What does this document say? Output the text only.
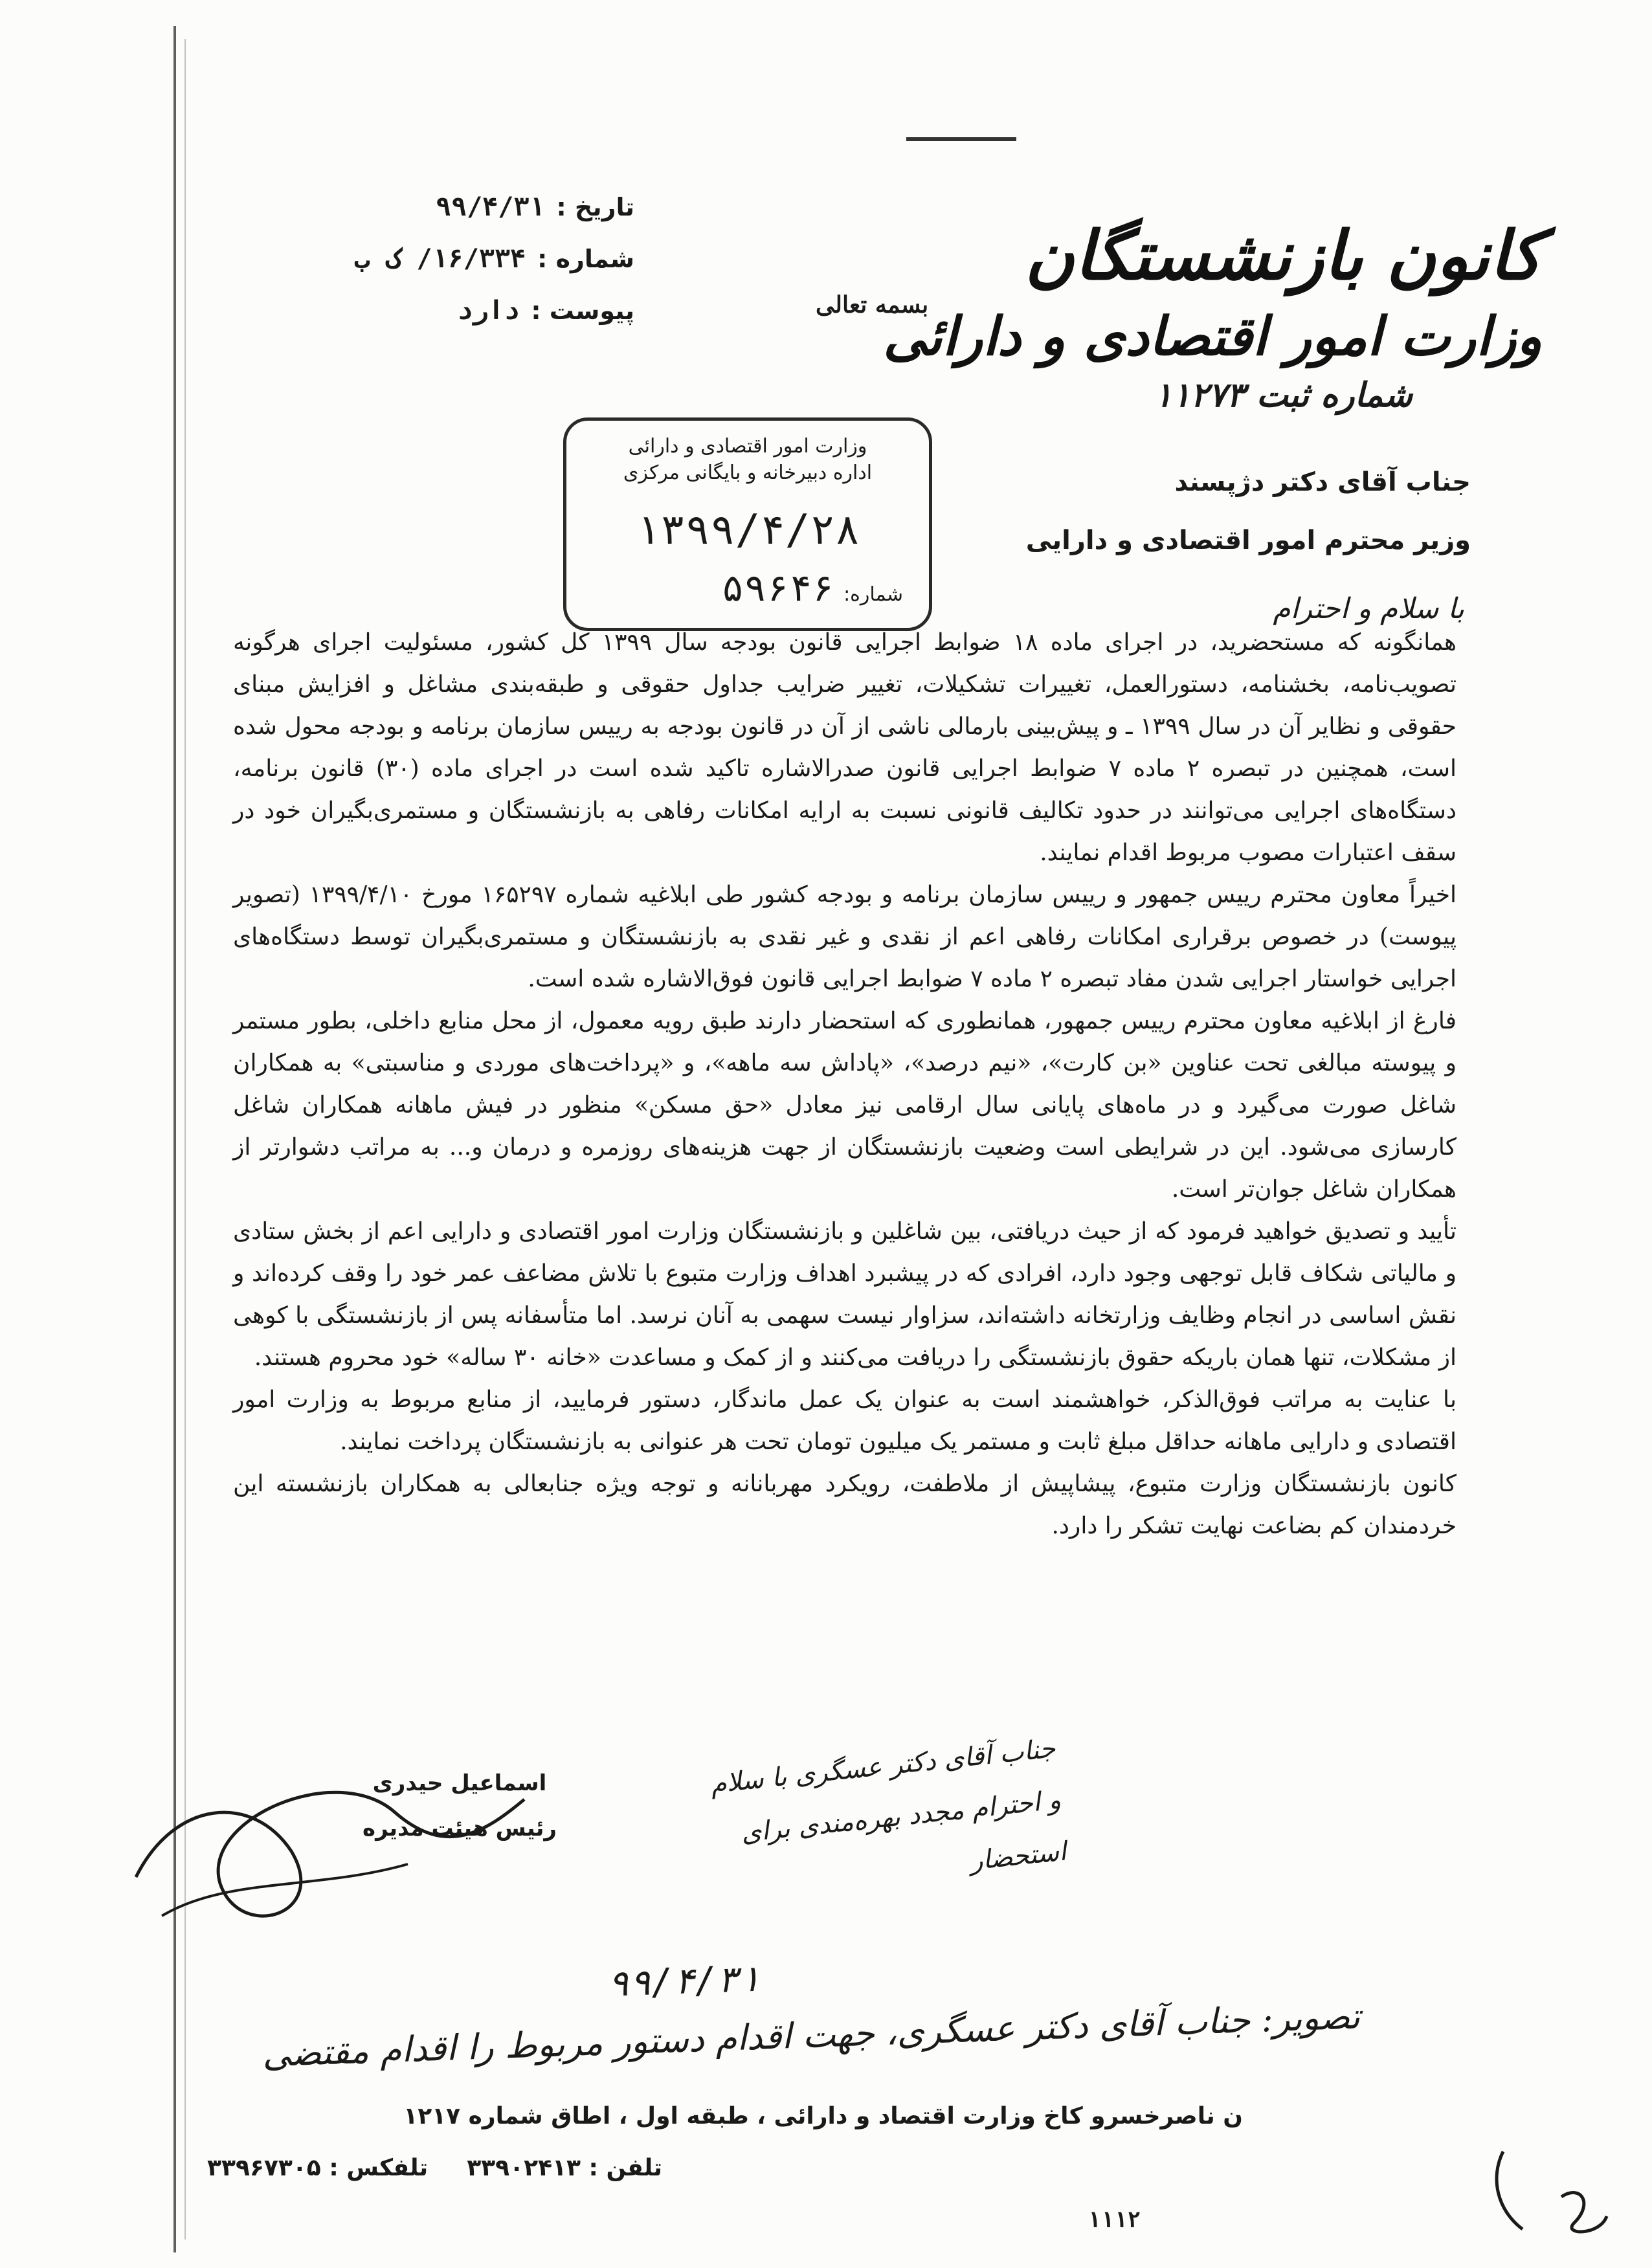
کانون بازنشستگان
وزارت امور اقتصادی و دارائی
بسمه تعالی
تاریخ :
۹۹/۴/۳۱
شماره :
۱۶/۳۳۴/ ک ب
پیوست :
دارد
شماره ثبت ۱۱۲۷۳
وزارت امور اقتصادی و دارائی
اداره دبیرخانه و بایگانی مرکزی
۱۳۹۹/۴/۲۸
شماره:
۵۹۶۴۶
جناب آقای دکتر دژپسند
وزیر محترم امور اقتصادی و دارایی
با سلام و احترام

همانگونه که مستحضرید، در اجرای ماده ۱۸ ضوابط اجرایی قانون بودجه سال ۱۳۹۹ کل کشور، مسئولیت اجرای هرگونه تصویب‌نامه، بخشنامه، دستورالعمل، تغییرات تشکیلات، تغییر ضرایب جداول حقوقی و طبقه‌بندی مشاغل و افزایش مبنای حقوقی و نظایر آن در سال ۱۳۹۹ ـ و پیش‌بینی بارمالی ناشی از آن در قانون بودجه به رییس سازمان برنامه و بودجه محول شده است، همچنین در تبصره ۲ ماده ۷ ضوابط اجرایی قانون صدرالاشاره تاکید شده است در اجرای ماده (۳۰) قانون برنامه، دستگاه‌های اجرایی می‌توانند در حدود تکالیف قانونی نسبت به ارایه امکانات رفاهی به بازنشستگان و مستمری‌بگیران خود در سقف اعتبارات مصوب مربوط اقدام نمایند.

اخیراً معاون محترم رییس جمهور و رییس سازمان برنامه و بودجه کشور طی ابلاغیه شماره ۱۶۵۲۹۷ مورخ ۱۳۹۹/۴/۱۰ (تصویر پیوست) در خصوص برقراری امکانات رفاهی اعم از نقدی و غیر نقدی به بازنشستگان و مستمری‌بگیران توسط دستگاه‌های اجرایی خواستار اجرایی شدن مفاد تبصره ۲ ماده ۷ ضوابط اجرایی قانون فوق‌الاشاره شده است.

فارغ از ابلاغیه معاون محترم رییس جمهور، همانطوری که استحضار دارند طبق رویه معمول، از محل منابع داخلی، بطور مستمر و پیوسته مبالغی تحت عناوین «بن کارت»، «نیم درصد»، «پاداش سه ماهه»، و «پرداخت‌های موردی و مناسبتی» به همکاران شاغل صورت می‌گیرد و در ماه‌های پایانی سال ارقامی نیز معادل «حق مسکن» منظور در فیش ماهانه همکاران شاغل کارسازی می‌شود. این در شرایطی است وضعیت بازنشستگان از جهت هزینه‌های روزمره و درمان و... به مراتب دشوارتر از همکاران شاغل جوان‌تر است.

تأیید و تصدیق خواهید فرمود که از حیث دریافتی، بین شاغلین و بازنشستگان وزارت امور اقتصادی و دارایی اعم از بخش ستادی و مالیاتی شکاف قابل توجهی وجود دارد، افرادی که در پیشبرد اهداف وزارت متبوع با تلاش مضاعف عمر خود را وقف کرده‌اند و نقش اساسی در انجام وظایف وزارتخانه داشته‌اند، سزاوار نیست سهمی به آنان نرسد. اما متأسفانه پس از بازنشستگی با کوهی از مشکلات، تنها همان باریکه حقوق بازنشستگی را دریافت می‌کنند و از کمک و مساعدت «خانه ۳۰ ساله» خود محروم هستند.

با عنایت به مراتب فوق‌الذکر، خواهشمند است به عنوان یک عمل ماندگار، دستور فرمایید، از منابع مربوط به وزارت امور اقتصادی و دارایی ماهانه حداقل مبلغ ثابت و مستمر یک میلیون تومان تحت هر عنوانی به بازنشستگان پرداخت نمایند.

کانون بازنشستگان وزارت متبوع، پیشاپیش از ملاطفت، رویکرد مهربانانه و توجه ویژه جنابعالی به همکاران بازنشسته این خردمندان کم بضاعت نهایت تشکر را دارد.

اسماعیل حیدری
رئیس هیئت مدیره
جناب آقای دکتر عسگری با سلام و احترام مجدد بهره‌مندی برای استحضار
۹۹/۴/۳۱
تصویر: جناب آقای دکتر عسگری، جهت اقدام دستور مربوط را اقدام مقتضی
ن ناصرخسرو کاخ وزارت اقتصاد و دارائی ، طبقه اول ، اطاق شماره ۱۲۱۷
تلفن : ۳۳۹۰۲۴۱۳
تلفکس : ۳۳۹۶۷۳۰۵
۱۱۱۲
